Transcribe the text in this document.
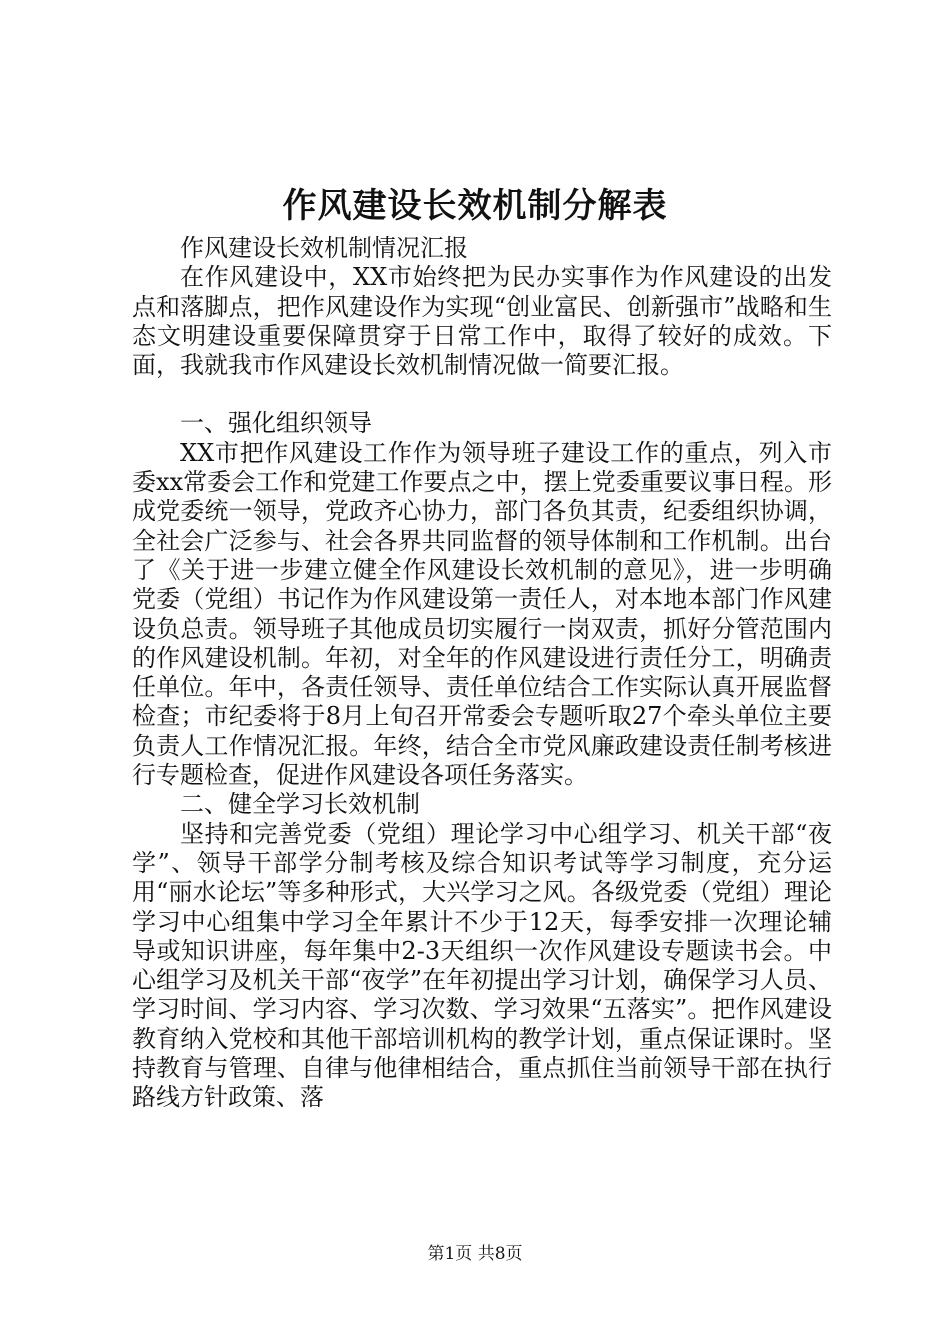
作风建设长效机制分解表

作风建设长效机制情况汇报

在作风建设中，XX市始终把为民办实事作为作风建设的出发点和落脚点，把作风建设作为实现“创业富民、创新强市”战略和生态文明建设重要保障贯穿于日常工作中，取得了较好的成效。下面，我就我市作风建设长效机制情况做一简要汇报。

一、强化组织领导

XX市把作风建设工作作为领导班子建设工作的重点，列入市委xx常委会工作和党建工作要点之中，摆上党委重要议事日程。形成党委统一领导，党政齐心协力，部门各负其责，纪委组织协调，全社会广泛参与、社会各界共同监督的领导体制和工作机制。出台了《关于进一步建立健全作风建设长效机制的意见》，进一步明确党委（党组）书记作为作风建设第一责任人，对本地本部门作风建设负总责。领导班子其他成员切实履行一岗双责，抓好分管范围内的作风建设机制。年初，对全年的作风建设进行责任分工，明确责任单位。年中，各责任领导、责任单位结合工作实际认真开展监督检查；市纪委将于8月上旬召开常委会专题听取27个牵头单位主要负责人工作情况汇报。年终，结合全市党风廉政建设责任制考核进行专题检查，促进作风建设各项任务落实。

二、健全学习长效机制

坚持和完善党委（党组）理论学习中心组学习、机关干部“夜学”、领导干部学分制考核及综合知识考试等学习制度，充分运用“丽水论坛”等多种形式，大兴学习之风。各级党委（党组）理论学习中心组集中学习全年累计不少于12天，每季安排一次理论辅导或知识讲座，每年集中2-3天组织一次作风建设专题读书会。中心组学习及机关干部“夜学”在年初提出学习计划，确保学习人员、学习时间、学习内容、学习次数、学习效果“五落实”。把作风建设教育纳入党校和其他干部培训机构的教学计划，重点保证课时。坚持教育与管理、自律与他律相结合，重点抓住当前领导干部在执行路线方针政策、落

第1页 共8页
